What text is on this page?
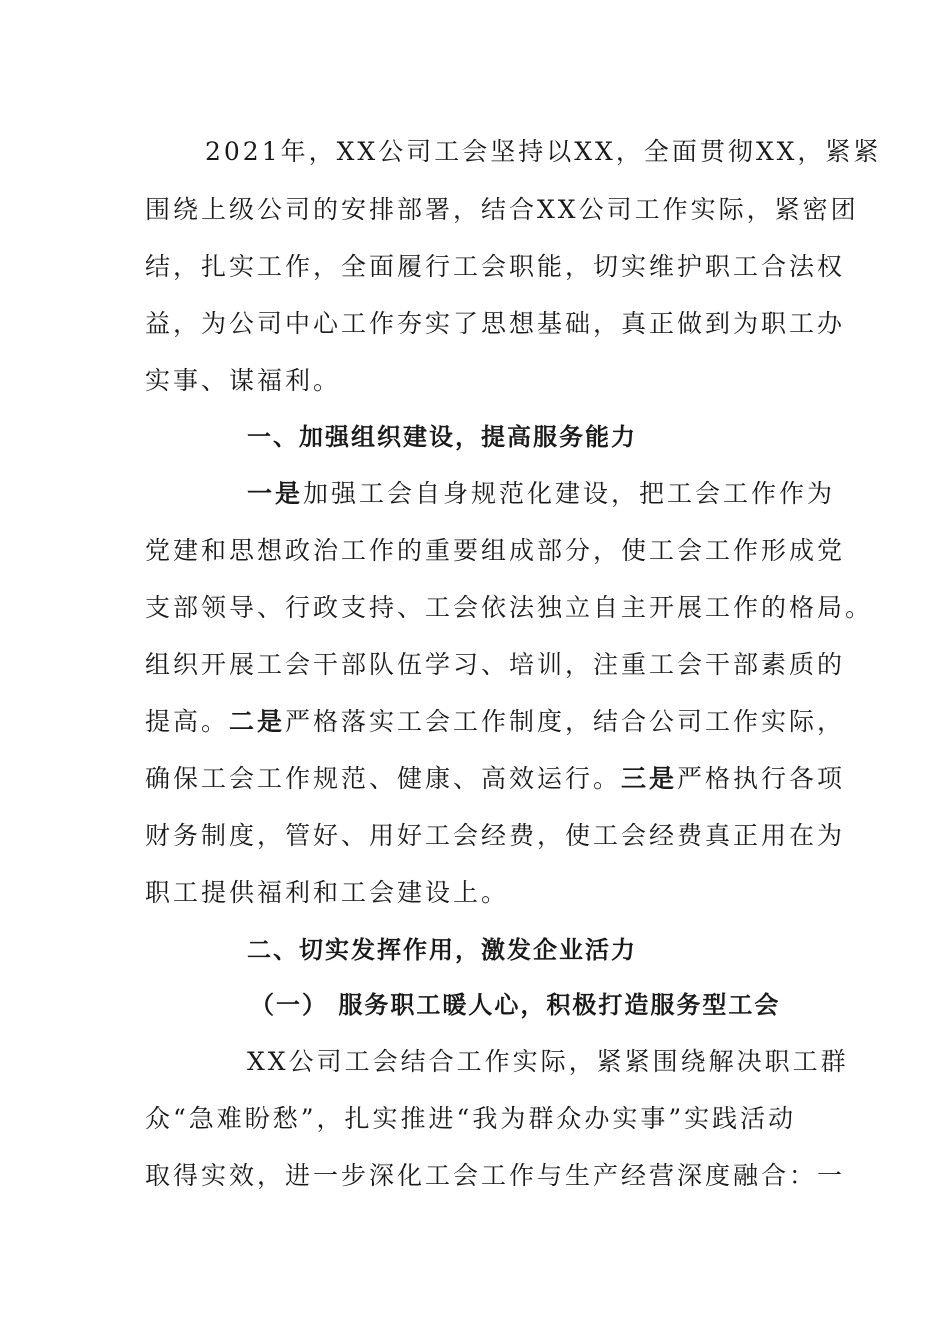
2021年，XX公司工会坚持以XX，全面贯彻XX，紧紧
围绕上级公司的安排部署，结合XX公司工作实际，紧密团
结，扎实工作，全面履行工会职能，切实维护职工合法权
益，为公司中心工作夯实了思想基础，真正做到为职工办
实事、谋福利。
一、加强组织建设，提高服务能力
一是加强工会自身规范化建设，把工会工作作为
党建和思想政治工作的重要组成部分，使工会工作形成党
支部领导、行政支持、工会依法独立自主开展工作的格局。
组织开展工会干部队伍学习、培训，注重工会干部素质的
提高。二是严格落实工会工作制度，结合公司工作实际，
确保工会工作规范、健康、高效运行。三是严格执行各项
财务制度，管好、用好工会经费，使工会经费真正用在为
职工提供福利和工会建设上。
二、切实发挥作用，激发企业活力
（一） 服务职工暖人心，积极打造服务型工会
XX公司工会结合工作实际，紧紧围绕解决职工群
众“急难盼愁”，扎实推进“我为群众办实事”实践活动
取得实效，进一步深化工会工作与生产经营深度融合：一
